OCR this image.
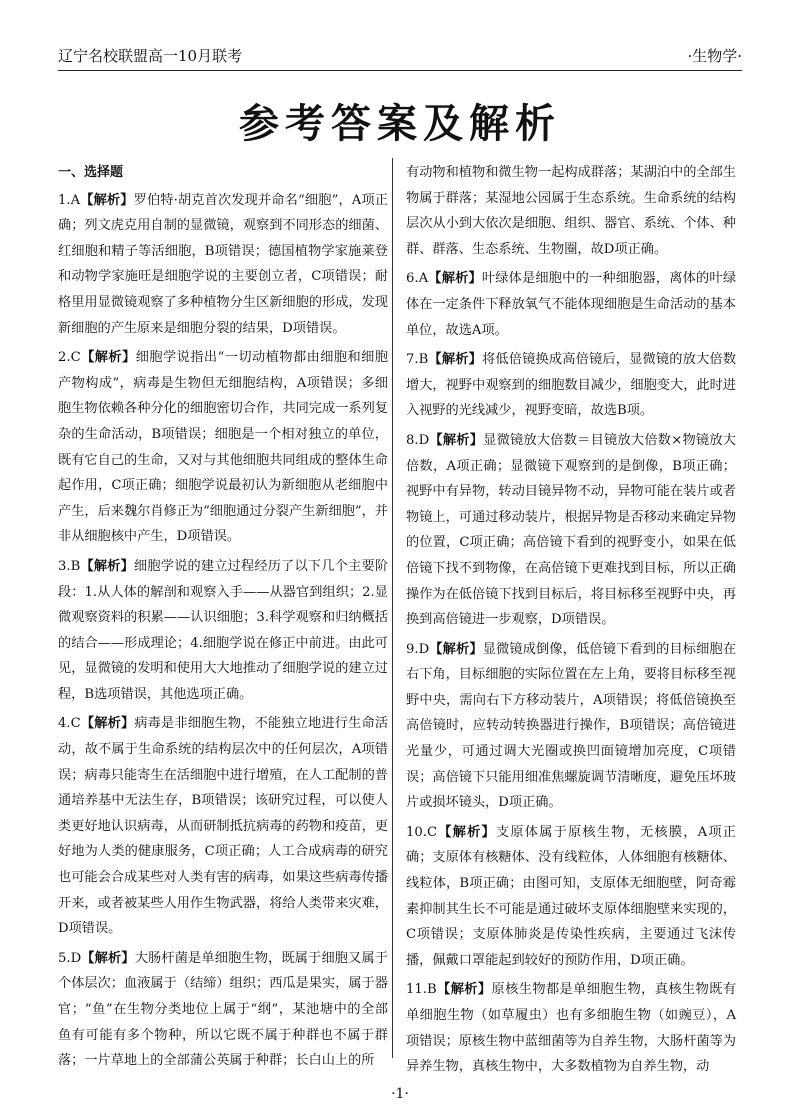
辽宁名校联盟高一10月联考	·生物学·
参考答案及解析
一、选择题
1.A【解析】罗伯特·胡克首次发现并命名“细胞”，A项正确；列文虎克用自制的显微镜，观察到不同形态的细菌、红细胞和精子等活细胞，B项错误；德国植物学家施莱登和动物学家施旺是细胞学说的主要创立者，C项错误；耐格里用显微镜观察了多种植物分生区新细胞的形成，发现新细胞的产生原来是细胞分裂的结果，D项错误。
2.C【解析】细胞学说指出“一切动植物都由细胞和细胞产物构成”，病毒是生物但无细胞结构，A项错误；多细胞生物依赖各种分化的细胞密切合作，共同完成一系列复杂的生命活动，B项错误；细胞是一个相对独立的单位，既有它自己的生命，又对与其他细胞共同组成的整体生命起作用，C项正确；细胞学说最初认为新细胞从老细胞中产生，后来魏尔肖修正为“细胞通过分裂产生新细胞”，并非从细胞核中产生，D项错误。
3.B【解析】细胞学说的建立过程经历了以下几个主要阶段：1.从人体的解剖和观察入手——从器官到组织；2.显微观察资料的积累——认识细胞；3.科学观察和归纳概括的结合——形成理论；4.细胞学说在修正中前进。由此可见，显微镜的发明和使用大大地推动了细胞学说的建立过程，B选项错误，其他选项正确。
4.C【解析】病毒是非细胞生物，不能独立地进行生命活动，故不属于生命系统的结构层次中的任何层次，A项错误；病毒只能寄生在活细胞中进行增殖，在人工配制的普通培养基中无法生存，B项错误；该研究过程，可以使人类更好地认识病毒，从而研制抵抗病毒的药物和疫苗，更好地为人类的健康服务，C项正确；人工合成病毒的研究也可能会合成某些对人类有害的病毒，如果这些病毒传播开来，或者被某些人用作生物武器，将给人类带来灾难，D项错误。
5.D【解析】大肠杆菌是单细胞生物，既属于细胞又属于个体层次；血液属于（结缔）组织；西瓜是果实，属于器官；“鱼”在生物分类地位上属于“纲”，某池塘中的全部鱼有可能有多个物种，所以它既不属于种群也不属于群落；一片草地上的全部蒲公英属于种群；长白山上的所
有动物和植物和微生物一起构成群落；某湖泊中的全部生物属于群落；某湿地公园属于生态系统。生命系统的结构层次从小到大依次是细胞、组织、器官、系统、个体、种群、群落、生态系统、生物圈，故D项正确。
6.A【解析】叶绿体是细胞中的一种细胞器，离体的叶绿体在一定条件下释放氧气不能体现细胞是生命活动的基本单位，故选A项。
7.B【解析】将低倍镜换成高倍镜后，显微镜的放大倍数增大，视野中观察到的细胞数目减少，细胞变大，此时进入视野的光线减少，视野变暗，故选B项。
8.D【解析】显微镜放大倍数＝目镜放大倍数×物镜放大倍数，A项正确；显微镜下观察到的是倒像，B项正确；视野中有异物，转动目镜异物不动，异物可能在装片或者物镜上，可通过移动装片，根据异物是否移动来确定异物的位置，C项正确；高倍镜下看到的视野变小，如果在低倍镜下找不到物像，在高倍镜下更难找到目标，所以正确操作为在低倍镜下找到目标后，将目标移至视野中央，再换到高倍镜进一步观察，D项错误。
9.D【解析】显微镜成倒像，低倍镜下看到的目标细胞在右下角，目标细胞的实际位置在左上角，要将目标移至视野中央，需向右下方移动装片，A项错误；将低倍镜换至高倍镜时，应转动转换器进行操作，B项错误；高倍镜进光量少，可通过调大光圈或换凹面镜增加亮度，C项错误；高倍镜下只能用细准焦螺旋调节清晰度，避免压坏玻片或损坏镜头，D项正确。
10.C【解析】支原体属于原核生物，无核膜，A项正确；支原体有核糖体、没有线粒体，人体细胞有核糖体、线粒体，B项正确；由图可知，支原体无细胞壁，阿奇霉素抑制其生长不可能是通过破坏支原体细胞壁来实现的，C项错误；支原体肺炎是传染性疾病，主要通过飞沫传播，佩戴口罩能起到较好的预防作用，D项正确。
11.B【解析】原核生物都是单细胞生物，真核生物既有单细胞生物（如草履虫）也有多细胞生物（如豌豆），A项错误；原核生物中蓝细菌等为自养生物，大肠杆菌等为异养生物，真核生物中，大多数植物为自养生物，动
·1·
